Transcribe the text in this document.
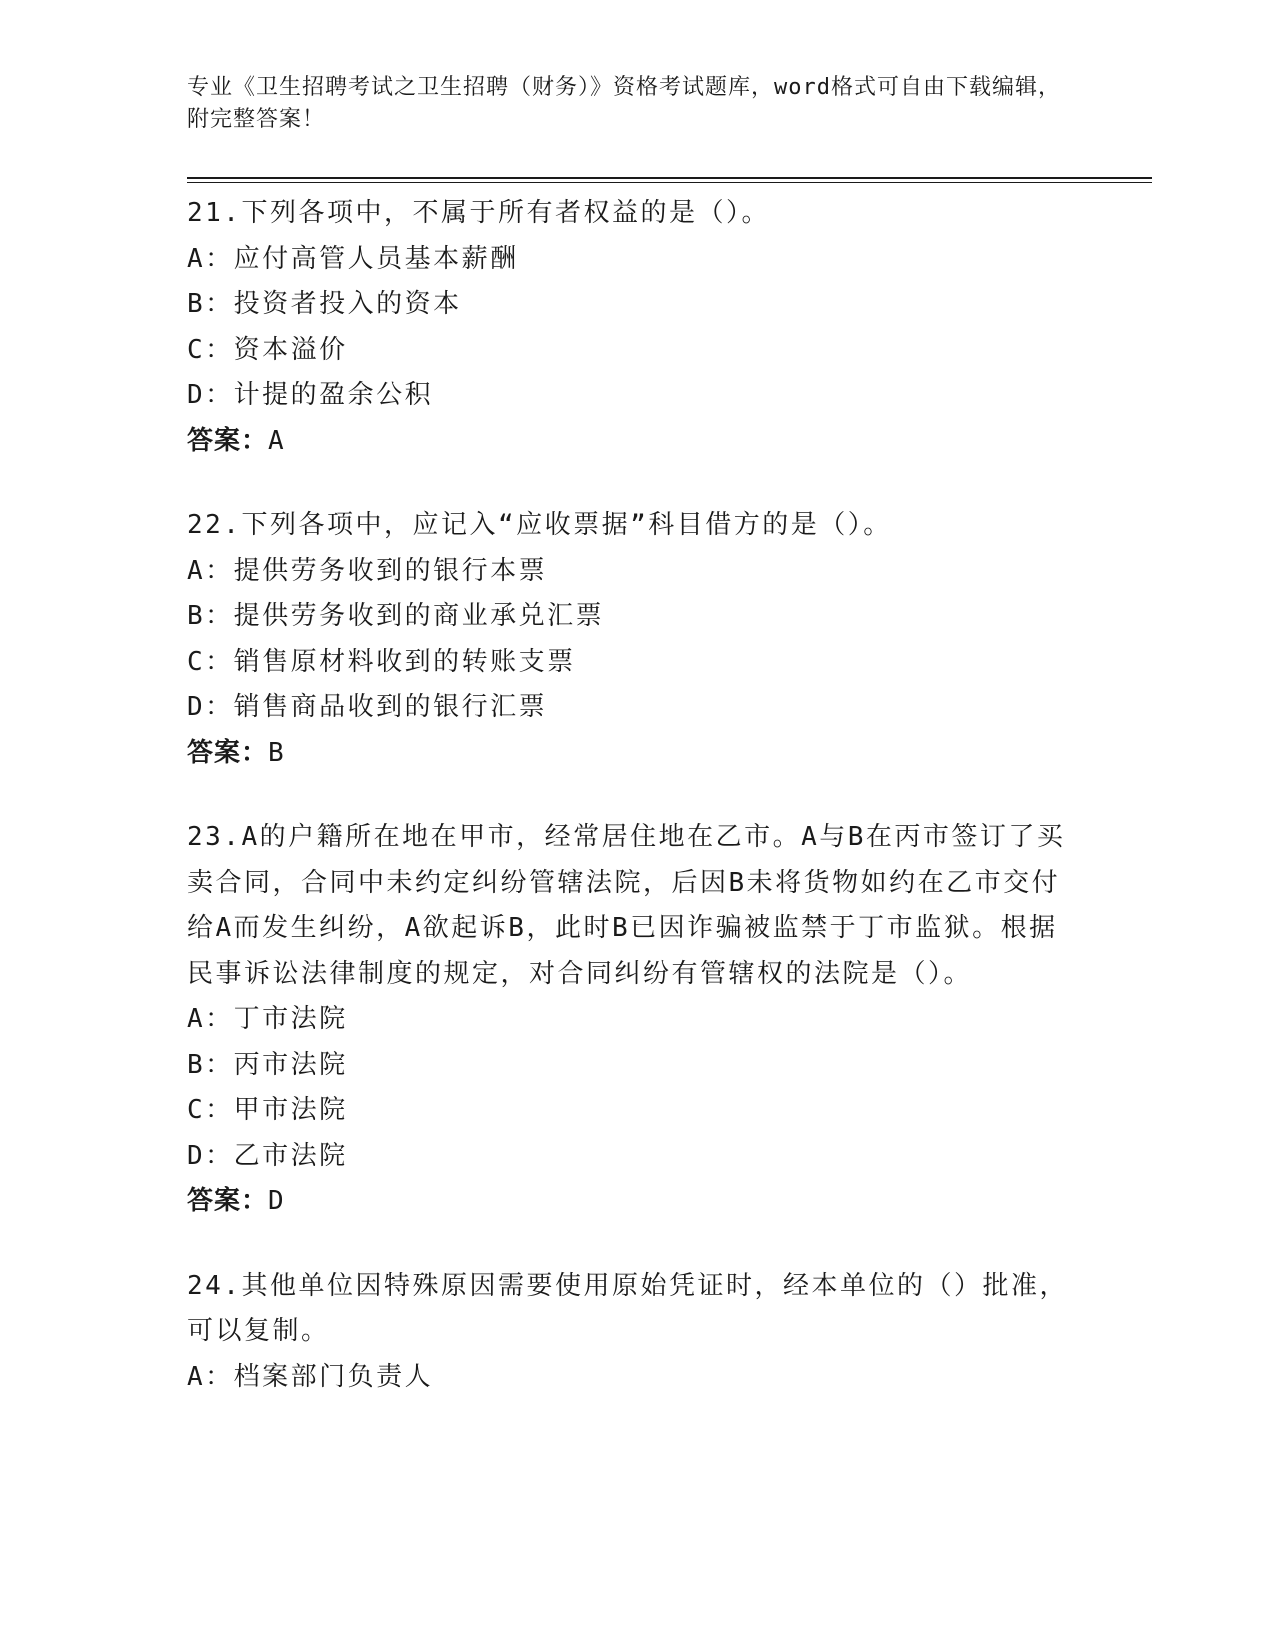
专业《卫生招聘考试之卫生招聘（财务）》资格考试题库，word格式可自由下载编辑，附完整答案！
21.下列各项中，不属于所有者权益的是（）。
A：应付高管人员基本薪酬
B：投资者投入的资本
C：资本溢价
D：计提的盈余公积
答案：A
22.下列各项中，应记入“应收票据”科目借方的是（）。
A：提供劳务收到的银行本票
B：提供劳务收到的商业承兑汇票
C：销售原材料收到的转账支票
D：销售商品收到的银行汇票
答案：B
23.A的户籍所在地在甲市，经常居住地在乙市。A与B在丙市签订了买卖合同，合同中未约定纠纷管辖法院，后因B未将货物如约在乙市交付给A而发生纠纷，A欲起诉B，此时B已因诈骗被监禁于丁市监狱。根据民事诉讼法律制度的规定，对合同纠纷有管辖权的法院是（）。
A：丁市法院
B：丙市法院
C：甲市法院
D：乙市法院
答案：D
24.其他单位因特殊原因需要使用原始凭证时，经本单位的（）批准，可以复制。
A：档案部门负责人
